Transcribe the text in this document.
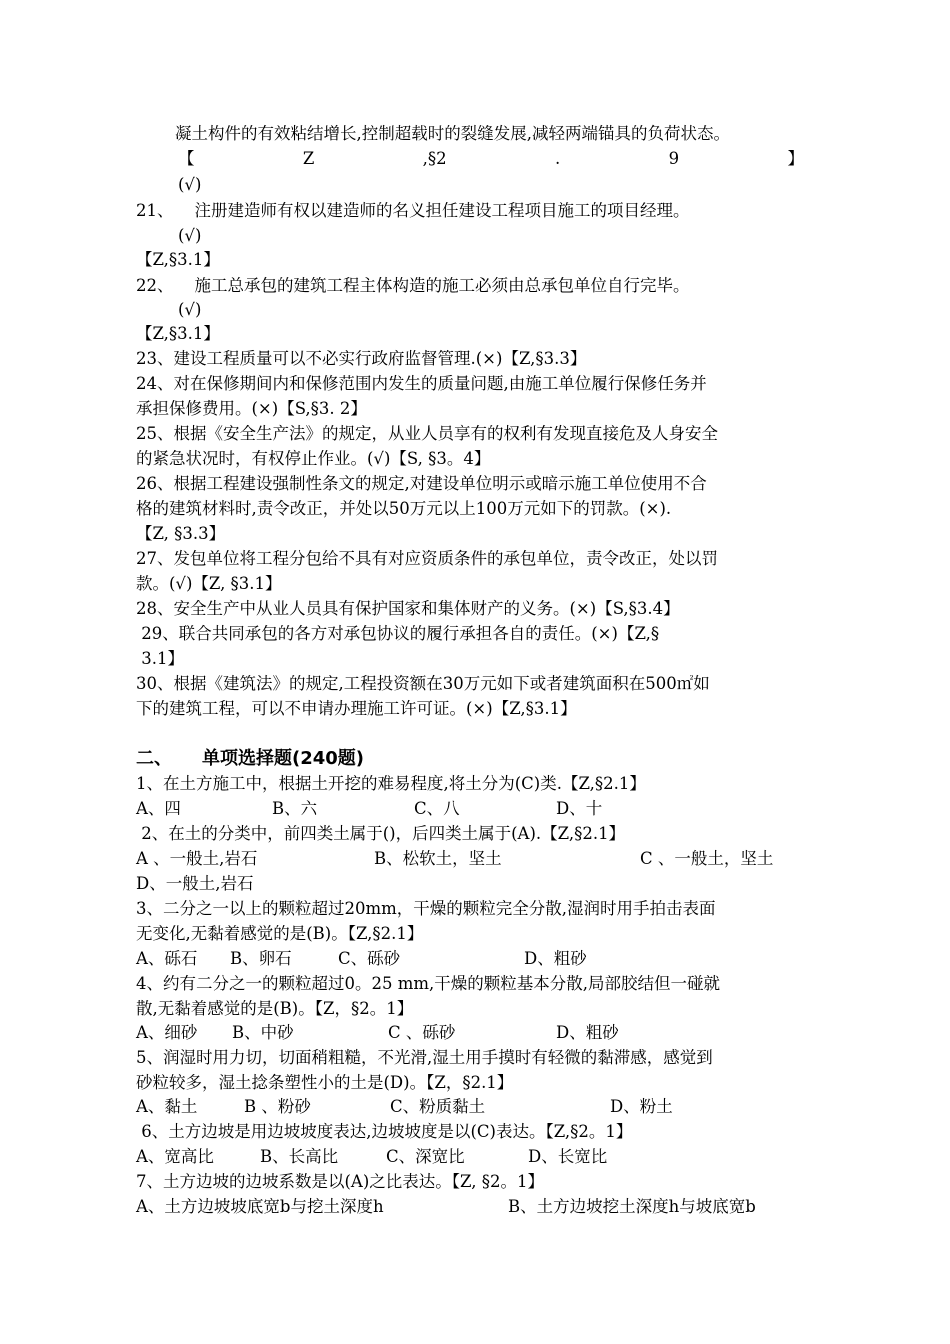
凝土构件的有效粘结增长,控制超载时的裂缝发展,减轻两端锚具的负荷状态。
【	Z	,§2	.	9	】
(√)
21、    注册建造师有权以建造师的名义担任建设工程项目施工的项目经理。
(√)
【Z,§3.1】
22、    施工总承包的建筑工程主体构造的施工必须由总承包单位自行完毕。
(√)
【Z,§3.1】
23、建设工程质量可以不必实行政府监督管理.(×)【Z,§3.3】
24、对在保修期间内和保修范围内发生的质量问题,由施工单位履行保修任务并
承担保修费用。(×)【S,§3. 2】
25、根据《安全生产法》的规定，从业人员享有的权利有发现直接危及人身安全
的紧急状况时，有权停止作业。(√)【S, §3。4】
26、根据工程建设强制性条文的规定,对建设单位明示或暗示施工单位使用不合
格的建筑材料时,责令改正，并处以50万元以上100万元如下的罚款。(×).
【Z, §3.3】
27、发包单位将工程分包给不具有对应资质条件的承包单位，责令改正，处以罚
款。(√)【Z, §3.1】
28、安全生产中从业人员具有保护国家和集体财产的义务。(×)【S,§3.4】
29、联合共同承包的各方对承包协议的履行承担各自的责任。(×)【Z,§
3.1】
30、根据《建筑法》的规定,工程投资额在30万元如下或者建筑面积在500㎡如
下的建筑工程，可以不申请办理施工许可证。(×)【Z,§3.1】
二、 单项选择题(240题)
1、在土方施工中，根据土开挖的难易程度,将土分为(C)类.【Z,§2.1】
A、四	B、六	C、八	D、十
2、在土的分类中，前四类土属于()，后四类土属于(A).【Z,§2.1】
A 、一般土,岩石	B、松软土，坚土	C 、一般土，坚土
D、一般土,岩石
3、二分之一以上的颗粒超过20mm，干燥的颗粒完全分散,湿润时用手拍击表面
无变化,无黏着感觉的是(B)。【Z,§2.1】
A、砾石	B、卵石	C、砾砂	D、粗砂
4、约有二分之一的颗粒超过0。25 mm,干燥的颗粒基本分散,局部胶结但一碰就
散,无黏着感觉的是(B)。【Z，§2。1】
A、细砂	B、中砂	C 、砾砂	D、粗砂
5、润湿时用力切，切面稍粗糙，不光滑,湿土用手摸时有轻微的黏滞感，感觉到
砂粒较多，湿土捻条塑性小的土是(D)。【Z，§2.1】
A、黏土	B 、粉砂	C、粉质黏土	D、粉土
6、土方边坡是用边坡坡度表达,边坡坡度是以(C)表达。【Z,§2。1】
A、宽高比	B、长高比	C、深宽比	D、长宽比
7、土方边坡的边坡系数是以(A)之比表达。【Z, §2。1】
A、土方边坡坡底宽b与挖土深度h	B、土方边坡挖土深度h与坡底宽b
